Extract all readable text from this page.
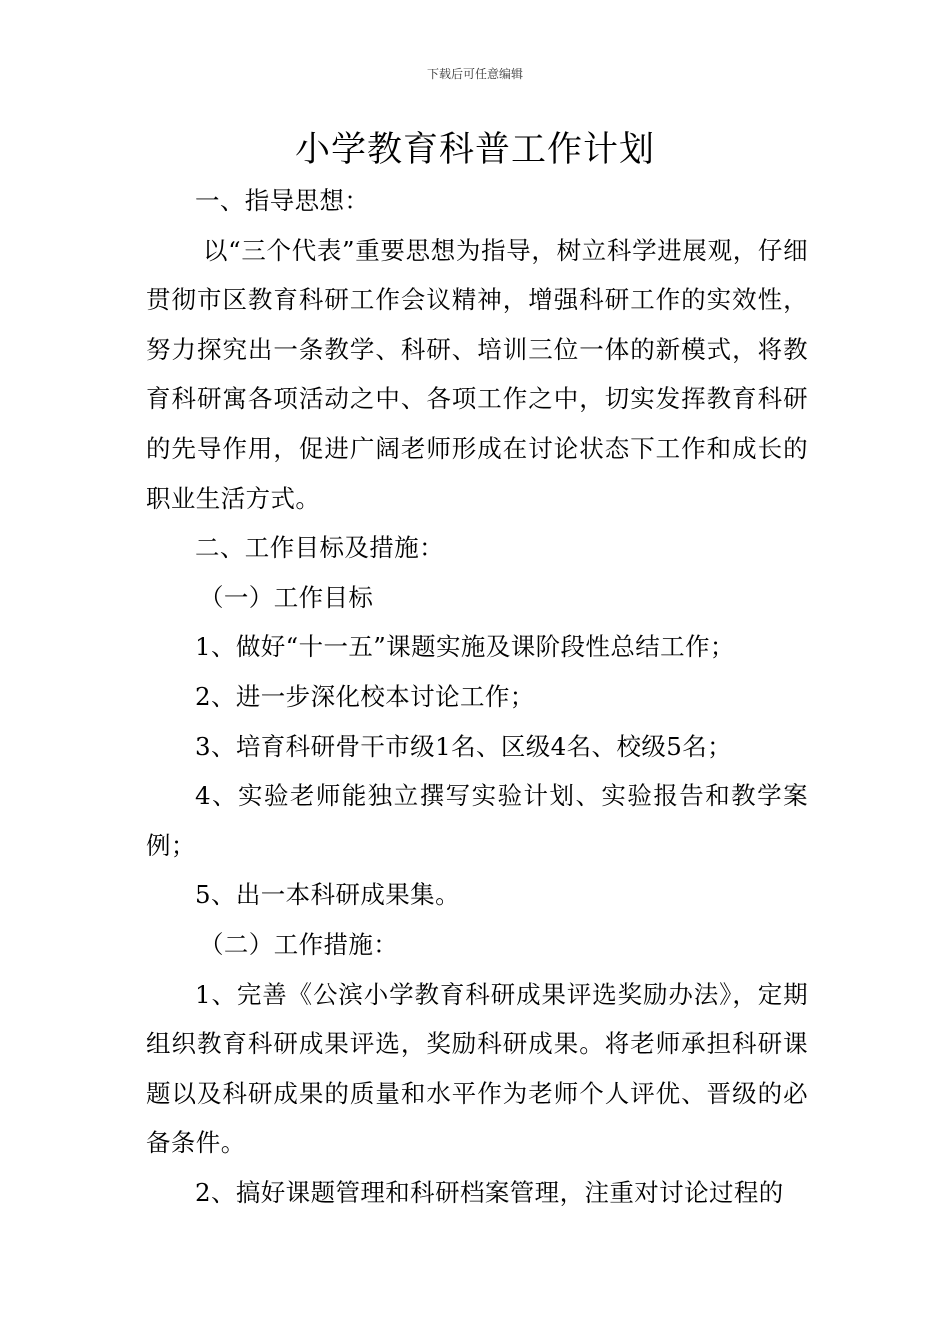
下载后可任意编辑
小学教育科普工作计划

一、指导思想：

以“三个代表”重要思想为指导，树立科学进展观，仔细贯彻市区教育科研工作会议精神，增强科研工作的实效性，努力探究出一条教学、科研、培训三位一体的新模式，将教育科研寓各项活动之中、各项工作之中，切实发挥教育科研的先导作用，促进广阔老师形成在讨论状态下工作和成长的职业生活方式。

二、工作目标及措施：

（一）工作目标

1、做好“十一五”课题实施及课阶段性总结工作；

2、进一步深化校本讨论工作；

3、培育科研骨干市级1名、区级4名、校级5名；

4、实验老师能独立撰写实验计划、实验报告和教学案例；

5、出一本科研成果集。

（二）工作措施：

1、完善《公滨小学教育科研成果评选奖励办法》，定期组织教育科研成果评选，奖励科研成果。将老师承担科研课题以及科研成果的质量和水平作为老师个人评优、晋级的必备条件。

2、搞好课题管理和科研档案管理，注重对讨论过程的
